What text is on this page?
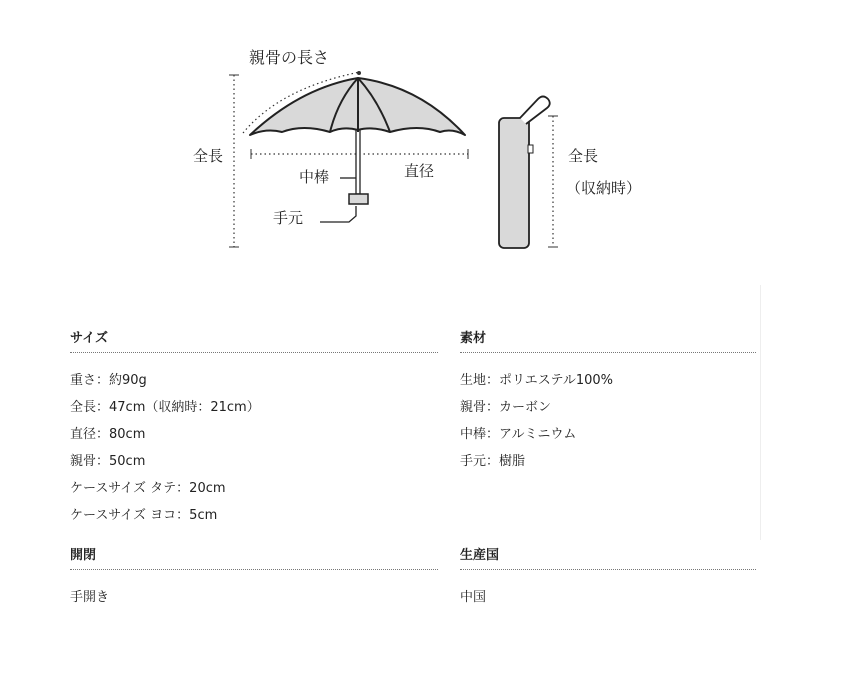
親骨の長さ
全長
中棒	直径
手元
全長
（収納時）
サイズ
重さ：約90g
全長：47cm（収納時：21cm）
直径：80cm
親骨：50cm
ケースサイズ タテ：20cm
ケースサイズ ヨコ：5cm
素材
生地：ポリエステル100%
親骨：カーボン
中棒：アルミニウム
手元：樹脂
開閉
手開き
生産国
中国
